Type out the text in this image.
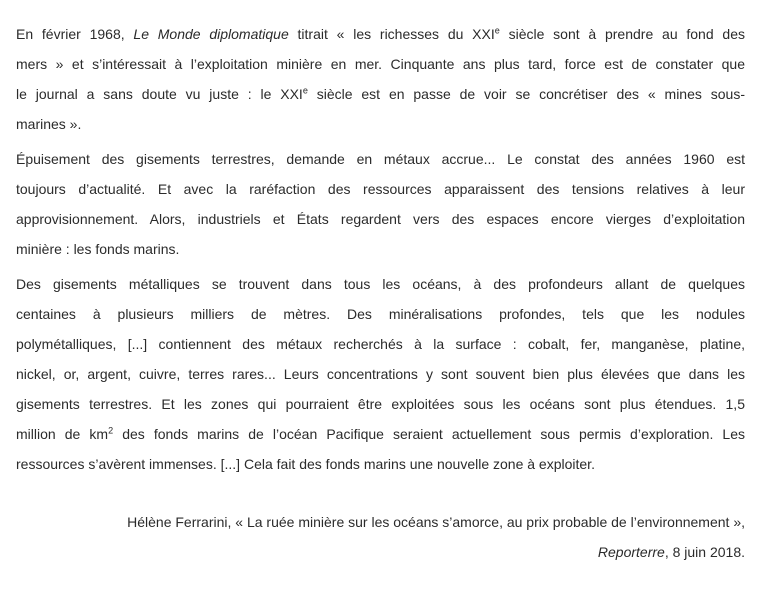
En février 1968, Le Monde diplomatique titrait « les richesses du XXIe siècle sont à prendre au fond des
mers » et s’intéressait à l’exploitation minière en mer. Cinquante ans plus tard, force est de constater que
le journal a sans doute vu juste : le XXIe siècle est en passe de voir se concrétiser des « mines sous-
marines ».
Épuisement des gisements terrestres, demande en métaux accrue... Le constat des années 1960 est
toujours d’actualité. Et avec la raréfaction des ressources apparaissent des tensions relatives à leur
approvisionnement. Alors, industriels et États regardent vers des espaces encore vierges d’exploitation
minière : les fonds marins.
Des gisements métalliques se trouvent dans tous les océans, à des profondeurs allant de quelques
centaines à plusieurs milliers de mètres. Des minéralisations profondes, tels que les nodules
polymétalliques, [...] contiennent des métaux recherchés à la surface : cobalt, fer, manganèse, platine,
nickel, or, argent, cuivre, terres rares... Leurs concentrations y sont souvent bien plus élevées que dans les
gisements terrestres. Et les zones qui pourraient être exploitées sous les océans sont plus étendues. 1,5
million de $km^2$ des fonds marins de l’océan Pacifique seraient actuellement sous permis d’exploration. Les
ressources s’avèrent immenses. [...] Cela fait des fonds marins une nouvelle zone à exploiter.
Hélène Ferrarini, « La ruée minière sur les océans s’amorce, au prix probable de l’environnement »,
Reporterre, 8 juin 2018.
